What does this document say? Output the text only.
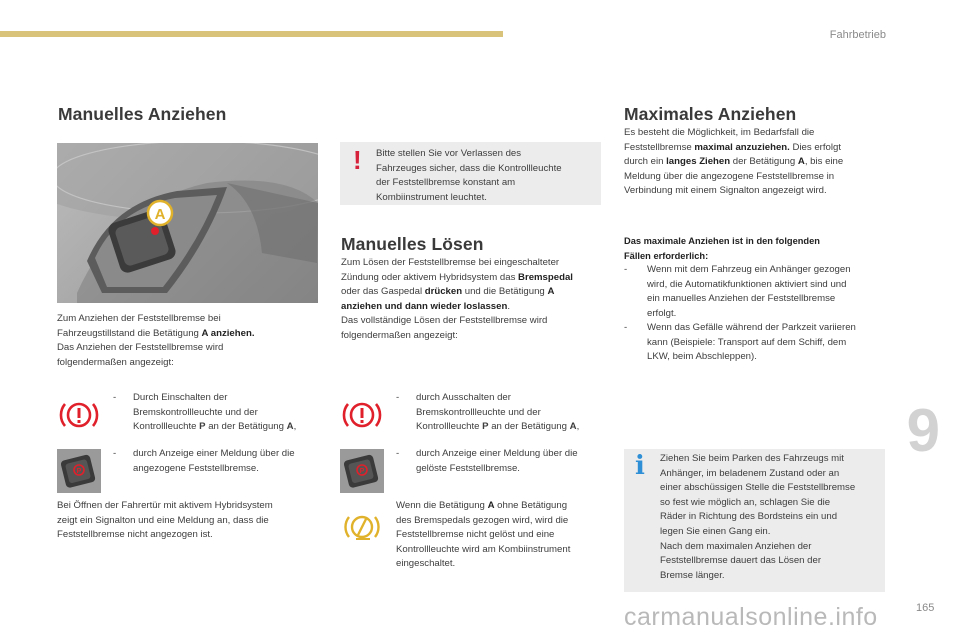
Fahrbetrieb
Manuelles Anziehen
A
Zum Anziehen der Feststellbremse bei
Fahrzeugstillstand die Betätigung A anziehen.
Das Anziehen der Feststellbremse wird
folgendermaßen angezeigt:
- Durch Einschalten der
Bremskontrollleuchte und der
Kontrollleuchte P an der Betätigung A,
P
- durch Anzeige einer Meldung über die
angezogene Feststellbremse.
Bei Öffnen der Fahrertür mit aktivem Hybridsystem
zeigt ein Signalton und eine Meldung an, dass die
Feststellbremse nicht angezogen ist.
! Bitte stellen Sie vor Verlassen des
Fahrzeuges sicher, dass die Kontrollleuchte
der Feststellbremse konstant am
Kombiinstrument leuchtet.
Manuelles Lösen
Zum Lösen der Feststellbremse bei eingeschalteter
Zündung oder aktivem Hybridsystem das Bremspedal
oder das Gaspedal drücken und die Betätigung A
anziehen und dann wieder loslassen.
Das vollständige Lösen der Feststellbremse wird
folgendermaßen angezeigt:
- durch Ausschalten der
Bremskontrollleuchte und der
Kontrollleuchte P an der Betätigung A,
P
- durch Anzeige einer Meldung über die
gelöste Feststellbremse.
Wenn die Betätigung A ohne Betätigung
des Bremspedals gezogen wird, wird die
Feststellbremse nicht gelöst und eine
Kontrollleuchte wird am Kombiinstrument
eingeschaltet.
Maximales Anziehen
Es besteht die Möglichkeit, im Bedarfsfall die
Feststellbremse maximal anzuziehen. Dies erfolgt
durch ein langes Ziehen der Betätigung A, bis eine
Meldung über die angezogene Feststellbremse in
Verbindung mit einem Signalton angezeigt wird.
Das maximale Anziehen ist in den folgenden
Fällen erforderlich:
- Wenn mit dem Fahrzeug ein Anhänger gezogen
wird, die Automatikfunktionen aktiviert sind und
ein manuelles Anziehen der Feststellbremse
erfolgt.
- Wenn das Gefälle während der Parkzeit variieren
kann (Beispiele: Transport auf dem Schiff, dem
LKW, beim Abschleppen).
i Ziehen Sie beim Parken des Fahrzeugs mit
Anhänger, im beladenem Zustand oder an
einer abschüssigen Stelle die Feststellbremse
so fest wie möglich an, schlagen Sie die
Räder in Richtung des Bordsteins ein und
legen Sie einen Gang ein.
Nach dem maximalen Anziehen der
Feststellbremse dauert das Lösen der
Bremse länger.
9
carmanualsonline.info	165
